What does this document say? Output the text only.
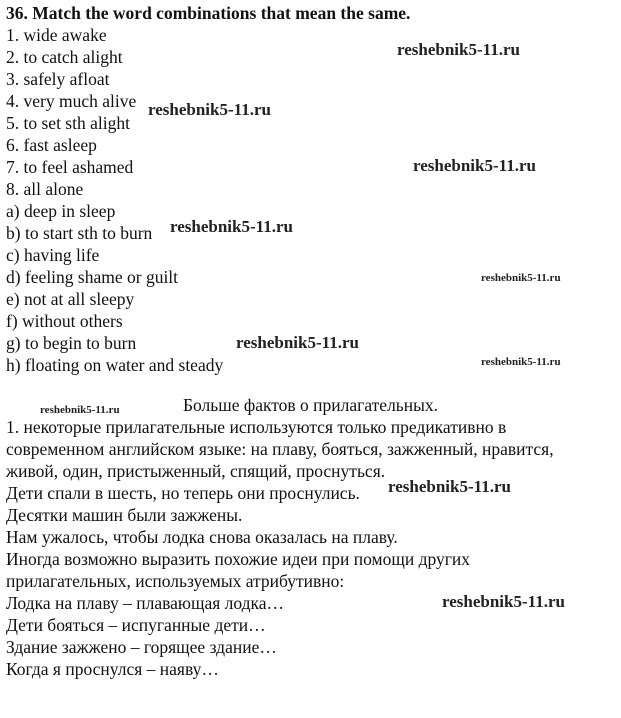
36. Match the word combinations that mean the same.
1. wide awake
2. to catch alight
3. safely afloat
4. very much alive
5. to set sth alight
6. fast asleep
7. to feel ashamed
8. all alone
a) deep in sleep
b) to start sth to burn
c) having life
d) feeling shame or guilt
e) not at all sleepy
f) without others
g) to begin to burn
h) floating on water and steady
Больше фактов о прилагательных.
1. некоторые прилагательные используются только предикативно в
современном английском языке: на плаву, бояться, зажженный, нравится,
живой, один, пристыженный, спящий, проснуться.
Дети спали в шесть, но теперь они проснулись.
Десятки машин были зажжены.
Нам ужалось, чтобы лодка снова оказалась на плаву.
Иногда возможно выразить похожие идеи при помощи других
прилагательных, используемых атрибутивно:
Лодка на плаву – плавающая лодка…
Дети бояться – испуганные дети…
Здание зажжено – горящее здание…
Когда я проснулся – наяву…
reshebnik5-11.ru
reshebnik5-11.ru
reshebnik5-11.ru
reshebnik5-11.ru
reshebnik5-11.ru
reshebnik5-11.ru
reshebnik5-11.ru
reshebnik5-11.ru
reshebnik5-11.ru
reshebnik5-11.ru
